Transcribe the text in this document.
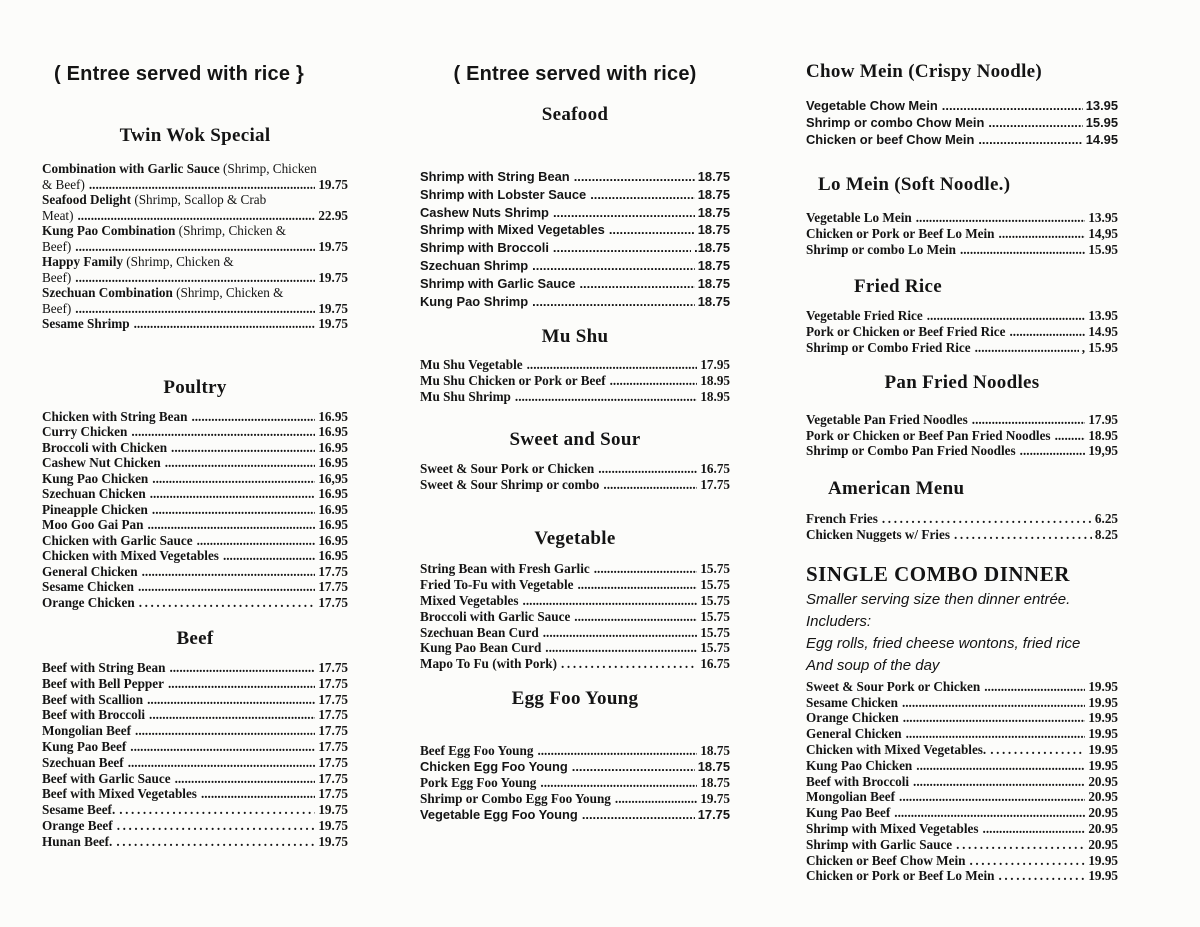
( Entree served with rice }
Twin Wok Special
Combination with Garlic Sauce (Shrimp, Chicken
& Beef) .....	19.75
Seafood Delight (Shrimp, Scallop & Crab
Meat) .....	22.95
Kung Pao Combination (Shrimp, Chicken &
Beef) .....	19.75
Happy Family (Shrimp, Chicken &
Beef) .....	19.75
Szechuan Combination (Shrimp, Chicken &
Beef) .....	19.75
Sesame Shrimp .....	19.75
Poultry
Chicken with String Bean .....	16.95
Curry Chicken .....	16.95
Broccoli with Chicken .....	16.95
Cashew Nut Chicken .....	16.95
Kung Pao Chicken .....	16,95
Szechuan Chicken .....	16.95
Pineapple Chicken .....	16.95
Moo Goo Gai Pan .....	16.95
Chicken with Garlic Sauce .....	16.95
Chicken with Mixed Vegetables .....	16.95
General Chicken .....	17.75
Sesame Chicken .....	17.75
Orange Chicken .....	17.75
Beef
Beef with String Bean .....	17.75
Beef with Bell Pepper .....	17.75
Beef with Scallion .....	17.75
Beef with Broccoli .....	17.75
Mongolian Beef .....	17.75
Kung Pao Beef .....	17.75
Szechuan Beef .....	17.75
Beef with Garlic Sauce .....	17.75
Beef with Mixed Vegetables .....	17.75
Sesame Beef. .....	19.75
Orange Beef .....	19.75
Hunan Beef. .....	19.75
( Entree served with rice)
Seafood
Shrimp with String Bean .....	18.75
Shrimp with Lobster Sauce .....	18.75
Cashew Nuts Shrimp .....	18.75
Shrimp with Mixed Vegetables .....	18.75
Shrimp with Broccoli .....	.18.75
Szechuan Shrimp .....	18.75
Shrimp with Garlic Sauce .....	18.75
Kung Pao Shrimp .....	18.75
Mu Shu
Mu Shu Vegetable .....	17.95
Mu Shu Chicken or Pork or Beef .....	18.95
Mu Shu Shrimp .....	18.95
Sweet and Sour
Sweet & Sour Pork or Chicken .....	16.75
Sweet & Sour Shrimp or combo .....	17.75
Vegetable
String Bean with Fresh Garlic .....	15.75
Fried To-Fu with Vegetable .....	15.75
Mixed Vegetables .....	15.75
Broccoli with Garlic Sauce .....	15.75
Szechuan Bean Curd .....	15.75
Kung Pao Bean Curd .....	15.75
Mapo To Fu (with Pork) .....	16.75
Egg Foo Young
Beef Egg Foo Young .....	18.75
Chicken Egg Foo Young .....	18.75
Pork Egg Foo Young .....	18.75
Shrimp or Combo Egg Foo Young .....	19.75
Vegetable Egg Foo Young .....	17.75
Chow Mein (Crispy Noodle)
Vegetable Chow Mein .....	13.95
Shrimp or combo Chow Mein .....	15.95
Chicken or beef Chow Mein .....	14.95
Lo Mein (Soft Noodle.)
Vegetable Lo Mein .....	13.95
Chicken or Pork or Beef Lo Mein .....	14,95
Shrimp or combo Lo Mein .....	15.95
Fried Rice
Vegetable Fried Rice .....	13.95
Pork or Chicken or Beef Fried Rice .....	14.95
Shrimp or Combo Fried Rice .....	, 15.95
Pan Fried Noodles
Vegetable Pan Fried Noodles .....	17.95
Pork or Chicken or Beef Pan Fried Noodles .....	18.95
Shrimp or Combo Pan Fried Noodles .....	19,95
American Menu
French Fries .....	6.25
Chicken Nuggets w/ Fries .....	8.25
SINGLE COMBO DINNER
Smaller serving size then dinner entrée. Includers:
Egg rolls, fried cheese wontons, fried rice
And soup of the day
Sweet & Sour Pork or Chicken .....	19.95
Sesame Chicken .....	19.95
Orange Chicken .....	19.95
General Chicken .....	19.95
Chicken with Mixed Vegetables. .....	19.95
Kung Pao Chicken .....	19.95
Beef with Broccoli .....	20.95
Mongolian Beef .....	20.95
Kung Pao Beef .....	20.95
Shrimp with Mixed Vegetables .....	20.95
Shrimp with Garlic Sauce .....	20.95
Chicken or Beef Chow Mein .....	19.95
Chicken or Pork or Beef Lo Mein .....	19.95
